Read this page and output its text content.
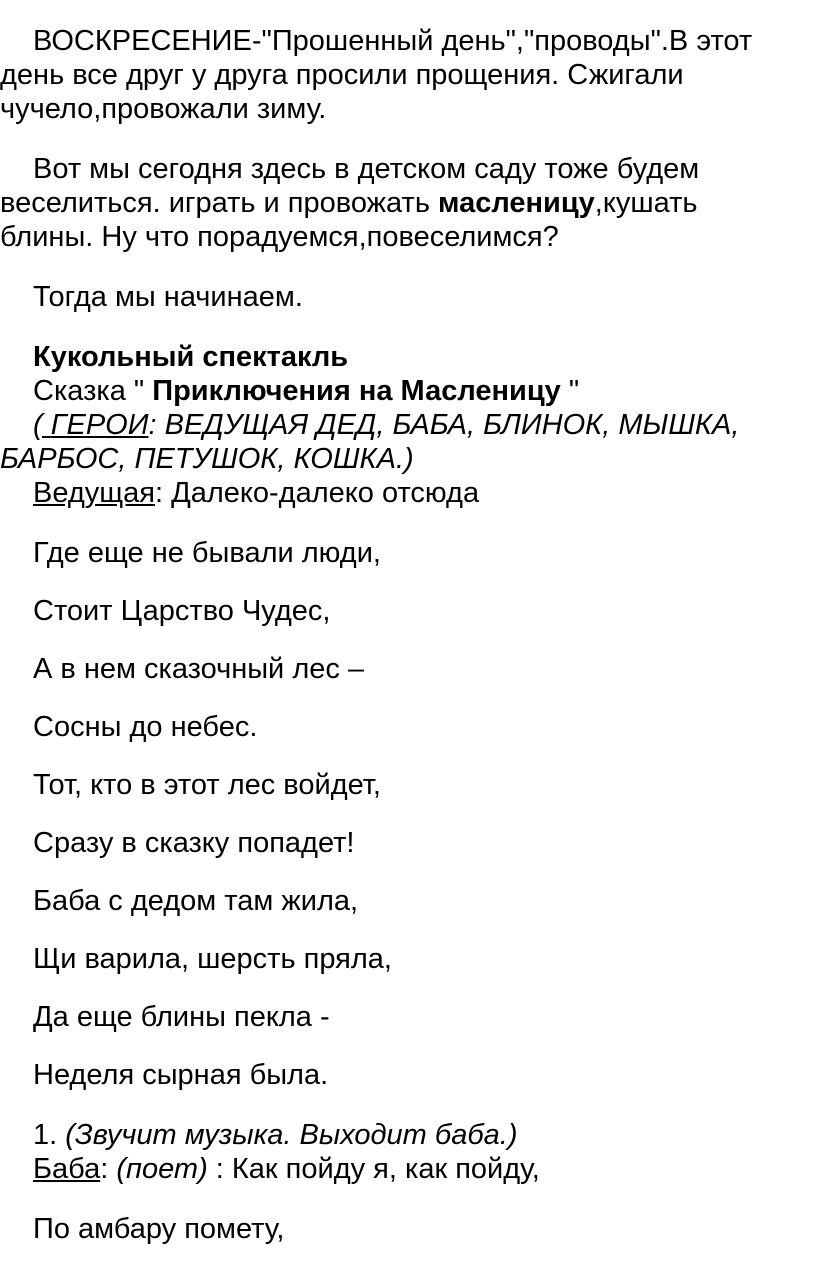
ВОСКРЕСЕНИЕ-"Прошенный день","проводы".В этот
день все друг у друга просили прощения. Сжигали
чучело,провожали зиму.
Вот мы сегодня здесь в детском саду тоже будем
веселиться. играть и провожать масленицу,кушать
блины. Ну что порадуемся,повеселимся?
Тогда мы начинаем.
Кукольный спектакль
Сказка " Приключения на Масленицу "
( ГЕРОИ: ВЕДУЩАЯ ДЕД, БАБА, БЛИНОК, МЫШКА,
БАРБОС, ПЕТУШОК, КОШКА.)
Ведущая: Далеко-далеко отсюда
Где еще не бывали люди,
Стоит Царство Чудес,
А в нем сказочный лес –
Сосны до небес.
Тот, кто в этот лес войдет,
Сразу в сказку попадет!
Баба с дедом там жила,
Щи варила, шерсть пряла,
Да еще блины пекла -
Неделя сырная была.
1. (Звучит музыка. Выходит баба.)
Баба: (поет) : Как пойду я, как пойду,
По амбару помету,
